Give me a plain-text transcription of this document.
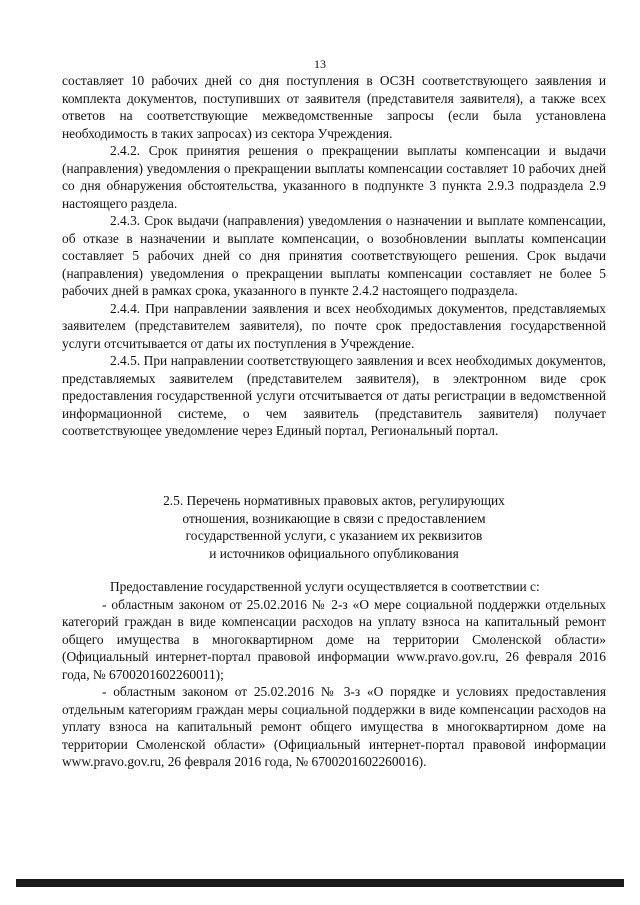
13

составляет 10 рабочих дней со дня поступления в ОСЗН соответствующего заявления и комплекта документов, поступивших от заявителя (представителя заявителя), а также всех ответов на соответствующие межведомственные запросы (если была установлена необходимость в таких запросах) из сектора Учреждения.

2.4.2. Срок принятия решения о прекращении выплаты компенсации и выдачи (направления) уведомления о прекращении выплаты компенсации составляет 10 рабочих дней со дня обнаружения обстоятельства, указанного в подпункте 3 пункта 2.9.3 подраздела 2.9 настоящего раздела.

2.4.3. Срок выдачи (направления) уведомления о назначении и выплате компенсации, об отказе в назначении и выплате компенсации, о возобновлении выплаты компенсации составляет 5 рабочих дней со дня принятия соответствующего решения. Срок выдачи (направления) уведомления о прекращении выплаты компенсации составляет не более 5 рабочих дней в рамках срока, указанного в пункте 2.4.2 настоящего подраздела.

2.4.4. При направлении заявления и всех необходимых документов, представляемых заявителем (представителем заявителя), по почте срок предоставления государственной услуги отсчитывается от даты их поступления в Учреждение.

2.4.5. При направлении соответствующего заявления и всех необходимых документов, представляемых заявителем (представителем заявителя), в электронном виде срок предоставления государственной услуги отсчитывается от даты регистрации в ведомственной информационной системе, о чем заявитель (представитель заявителя) получает соответствующее уведомление через Единый портал, Региональный портал.

2.5. Перечень нормативных правовых актов, регулирующих
отношения, возникающие в связи с предоставлением
государственной услуги, с указанием их реквизитов
и источников официального опубликования

Предоставление государственной услуги осуществляется в соответствии с:

- областным законом от 25.02.2016 № 2-з «О мере социальной поддержки отдельных категорий граждан в виде компенсации расходов на уплату взноса на капитальный ремонт общего имущества в многоквартирном доме на территории Смоленской области» (Официальный интернет-портал правовой информации www.pravo.gov.ru, 26 февраля 2016 года, № 6700201602260011);

- областным законом от 25.02.2016 № 3-з «О порядке и условиях предоставления отдельным категориям граждан меры социальной поддержки в виде компенсации расходов на уплату взноса на капитальный ремонт общего имущества в многоквартирном доме на территории Смоленской области» (Официальный интернет-портал правовой информации www.pravo.gov.ru, 26 февраля 2016 года, № 6700201602260016).
